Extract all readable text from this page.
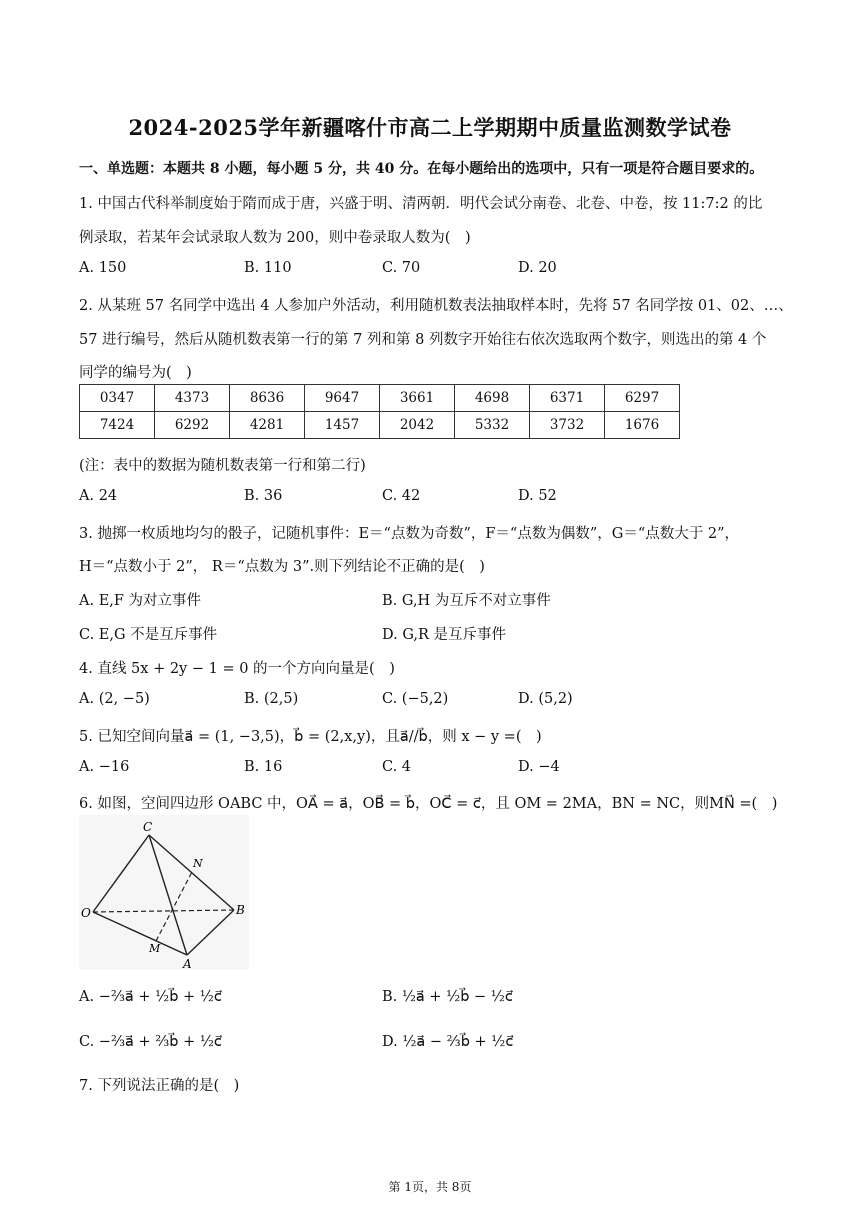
2024-2025学年新疆喀什市高二上学期期中质量监测数学试卷
一、单选题：本题共 8 小题，每小题 5 分，共 40 分。在每小题给出的选项中，只有一项是符合题目要求的。
1. 中国古代科举制度始于隋而成于唐，兴盛于明、清两朝．明代会试分南卷、北卷、中卷，按 11:7:2 的比
例录取，若某年会试录取人数为 200，则中卷录取人数为(　)
A. 150	B. 110	C. 70	D. 20
2. 从某班 57 名同学中选出 4 人参加户外活动，利用随机数表法抽取样本时，先将 57 名同学按 01、02、…、
57 进行编号，然后从随机数表第一行的第 7 列和第 8 列数字开始往右依次选取两个数字，则选出的第 4 个
同学的编号为(　)
0347	4373	8636	9647	3661	4698	6371	6297
7424	6292	4281	1457	2042	5332	3732	1676
(注：表中的数据为随机数表第一行和第二行)
A. 24	B. 36	C. 42	D. 52
3. 抛掷一枚质地均匀的骰子，记随机事件：E＝“点数为奇数”，F＝“点数为偶数”，G＝“点数大于 2”，
H＝“点数小于 2”， R＝“点数为 3”.则下列结论不正确的是(　)
A. E,F 为对立事件	B. G,H 为互斥不对立事件
C. E,G 不是互斥事件	D. G,R 是互斥事件
4. 直线 5x + 2y − 1 = 0 的一个方向向量是(　)
A. (2, −5)	B. (2,5)	C. (−5,2)	D. (5,2)
5. 已知空间向量a⃗ = (1, −3,5)，b⃗ = (2,x,y)，且a⃗//b⃗，则 x − y =(　)
A. −16	B. 16	C. 4	D. −4
6. 如图，空间四边形 OABC 中，OA⃗ = a⃗，OB⃗ = b⃗，OC⃗ = c⃗，且 OM = 2MA，BN = NC，则MN⃗ =(　)
C
N
O	B
M
A
A. −⅔a⃗ + ½b⃗ + ½c⃗	B. ½a⃗ + ½b⃗ − ½c⃗
C. −⅔a⃗ + ⅔b⃗ + ½c⃗	D. ½a⃗ − ⅔b⃗ + ½c⃗
7. 下列说法正确的是(　)
第 1页，共 8页
